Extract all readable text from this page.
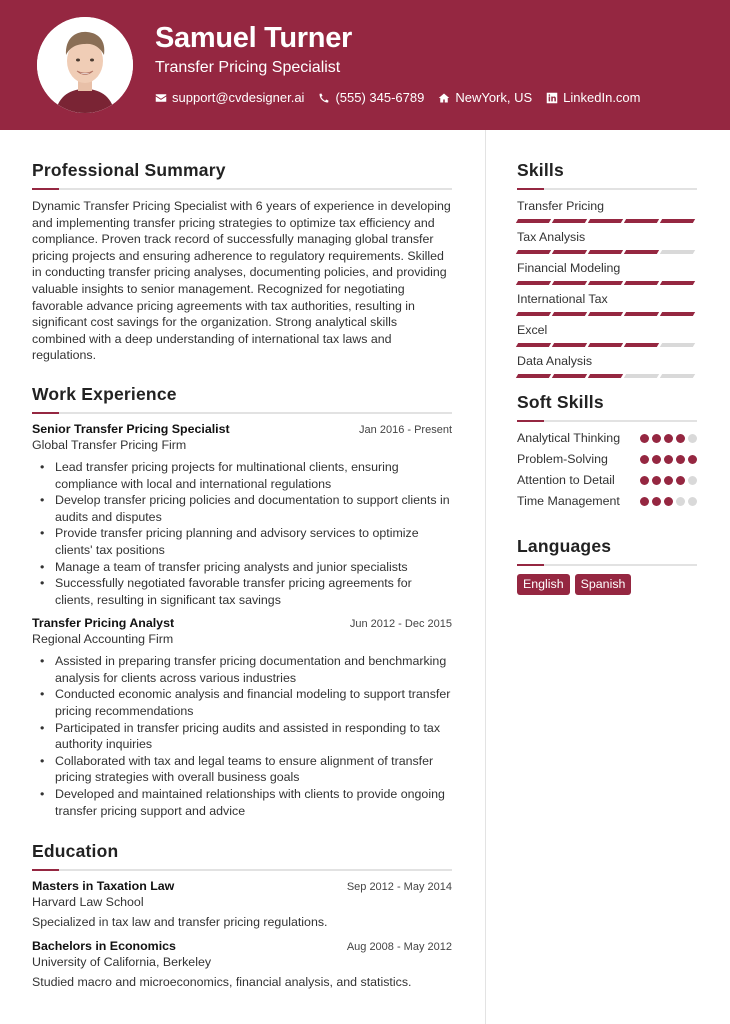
Samuel Turner
Transfer Pricing Specialist
support@cvdesigner.ai (555) 345-6789 NewYork, US LinkedIn.com
Professional Summary

Dynamic Transfer Pricing Specialist with 6 years of experience in developing and implementing transfer pricing strategies to optimize tax efficiency and compliance. Proven track record of successfully managing global transfer pricing projects and ensuring adherence to regulatory requirements. Skilled in conducting transfer pricing analyses, documenting policies, and providing valuable insights to senior management. Recognized for negotiating favorable advance pricing agreements with tax authorities, resulting in significant cost savings for the organization. Strong analytical skills combined with a deep understanding of international tax laws and regulations.

Work Experience
Senior Transfer Pricing Specialist	Jan 2016 - Present
Global Transfer Pricing Firm
• Lead transfer pricing projects for multinational clients, ensuring compliance with local and international regulations
• Develop transfer pricing policies and documentation to support clients in audits and disputes
• Provide transfer pricing planning and advisory services to optimize clients' tax positions
• Manage a team of transfer pricing analysts and junior specialists
• Successfully negotiated favorable transfer pricing agreements for clients, resulting in significant tax savings
Transfer Pricing Analyst	Jun 2012 - Dec 2015
Regional Accounting Firm
• Assisted in preparing transfer pricing documentation and benchmarking analysis for clients across various industries
• Conducted economic analysis and financial modeling to support transfer pricing recommendations
• Participated in transfer pricing audits and assisted in responding to tax authority inquiries
• Collaborated with tax and legal teams to ensure alignment of transfer pricing strategies with overall business goals
• Developed and maintained relationships with clients to provide ongoing transfer pricing support and advice
Education
Masters in Taxation Law	Sep 2012 - May 2014
Harvard Law School
Specialized in tax law and transfer pricing regulations.
Bachelors in Economics	Aug 2008 - May 2012
University of California, Berkeley
Studied macro and microeconomics, financial analysis, and statistics.
Skills
Transfer Pricing
Tax Analysis
Financial Modeling
International Tax
Excel
Data Analysis
Soft Skills
Analytical Thinking
Problem-Solving
Attention to Detail
Time Management
Languages
English	Spanish
